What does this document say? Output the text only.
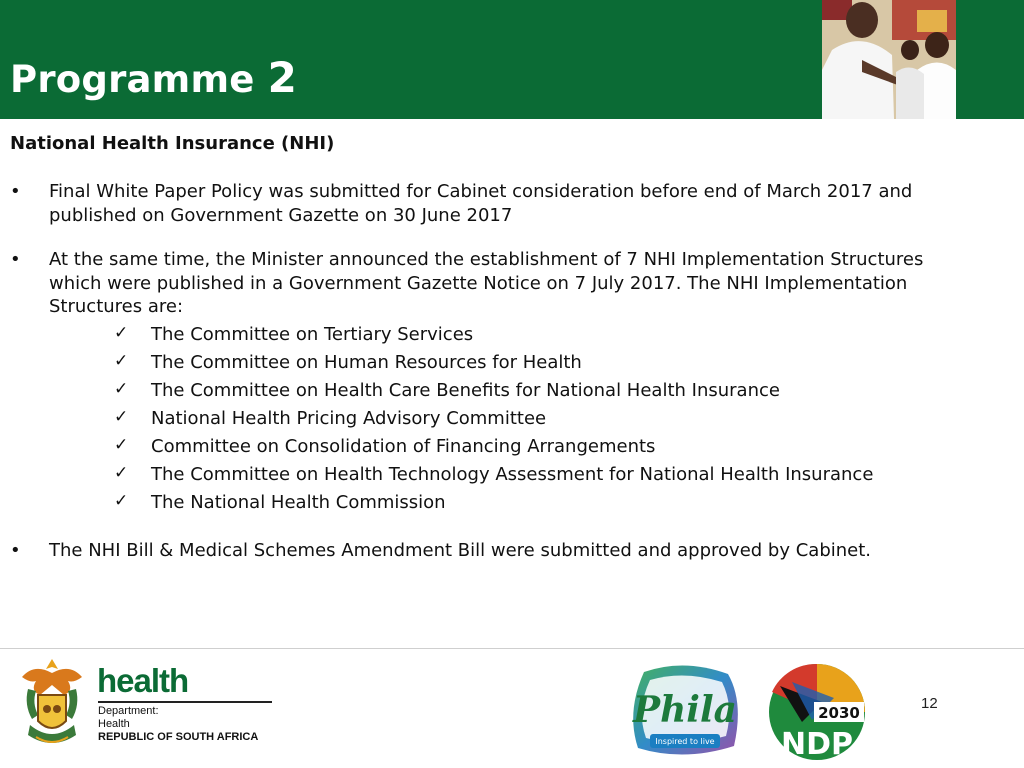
Programme 2

National Health Insurance (NHI)

• Final White Paper Policy was submitted for Cabinet consideration before end of March 2017 and published on Government Gazette on 30 June 2017
• At the same time, the Minister announced the establishment of 7 NHI Implementation Structures which were published in a Government Gazette Notice on 7 July 2017. The NHI Implementation Structures are:
✓ The Committee on Tertiary Services
✓ The Committee on Human Resources for Health
✓ The Committee on Health Care Benefits for National Health Insurance
✓ National Health Pricing Advisory Committee
✓ Committee on Consolidation of Financing Arrangements
✓ The Committee on Health Technology Assessment for National Health Insurance
✓ The National Health Commission
• The NHI Bill & Medical Schemes Amendment Bill were submitted and approved by Cabinet.
health
Department:
Health
REPUBLIC OF SOUTH AFRICA
Phila
Inspired to live
2030
NDP
12
